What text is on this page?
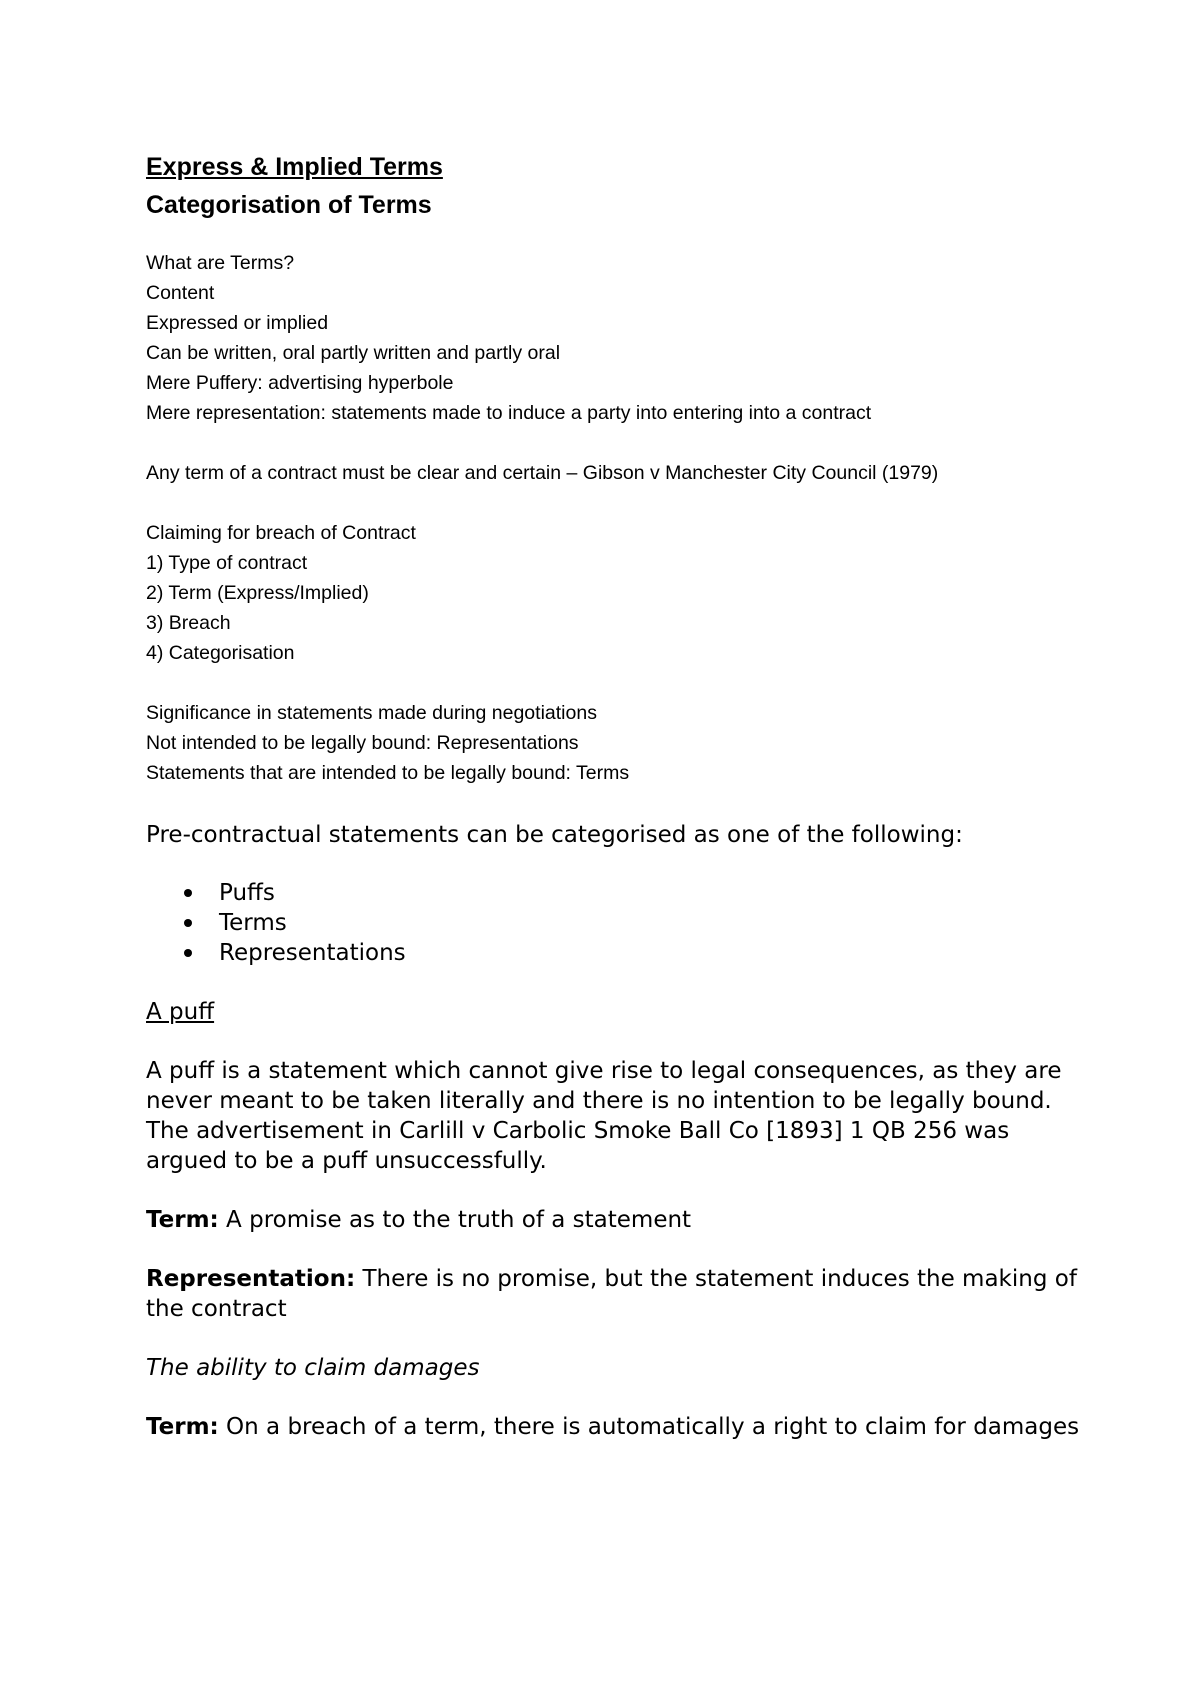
Express & Implied Terms

Categorisation of Terms

What are Terms?

Content

Expressed or implied

Can be written, oral partly written and partly oral

Mere Puffery: advertising hyperbole

Mere representation: statements made to induce a party into entering into a contract

Any term of a contract must be clear and certain – Gibson v Manchester City Council (1979)

Claiming for breach of Contract

1) Type of contract

2) Term (Express/Implied)

3) Breach

4) Categorisation

Significance in statements made during negotiations

Not intended to be legally bound: Representations

Statements that are intended to be legally bound: Terms

Pre-contractual statements can be categorised as one of the following:

Puffs
Terms
Representations

A puff

A puff is a statement which cannot give rise to legal consequences, as they are never meant to be taken literally and there is no intention to be legally bound. The advertisement in Carlill v Carbolic Smoke Ball Co [1893] 1 QB 256 was argued to be a puff unsuccessfully.

Term: A promise as to the truth of a statement

Representation: There is no promise, but the statement induces the making of the contract

The ability to claim damages

Term: On a breach of a term, there is automatically a right to claim for damages
